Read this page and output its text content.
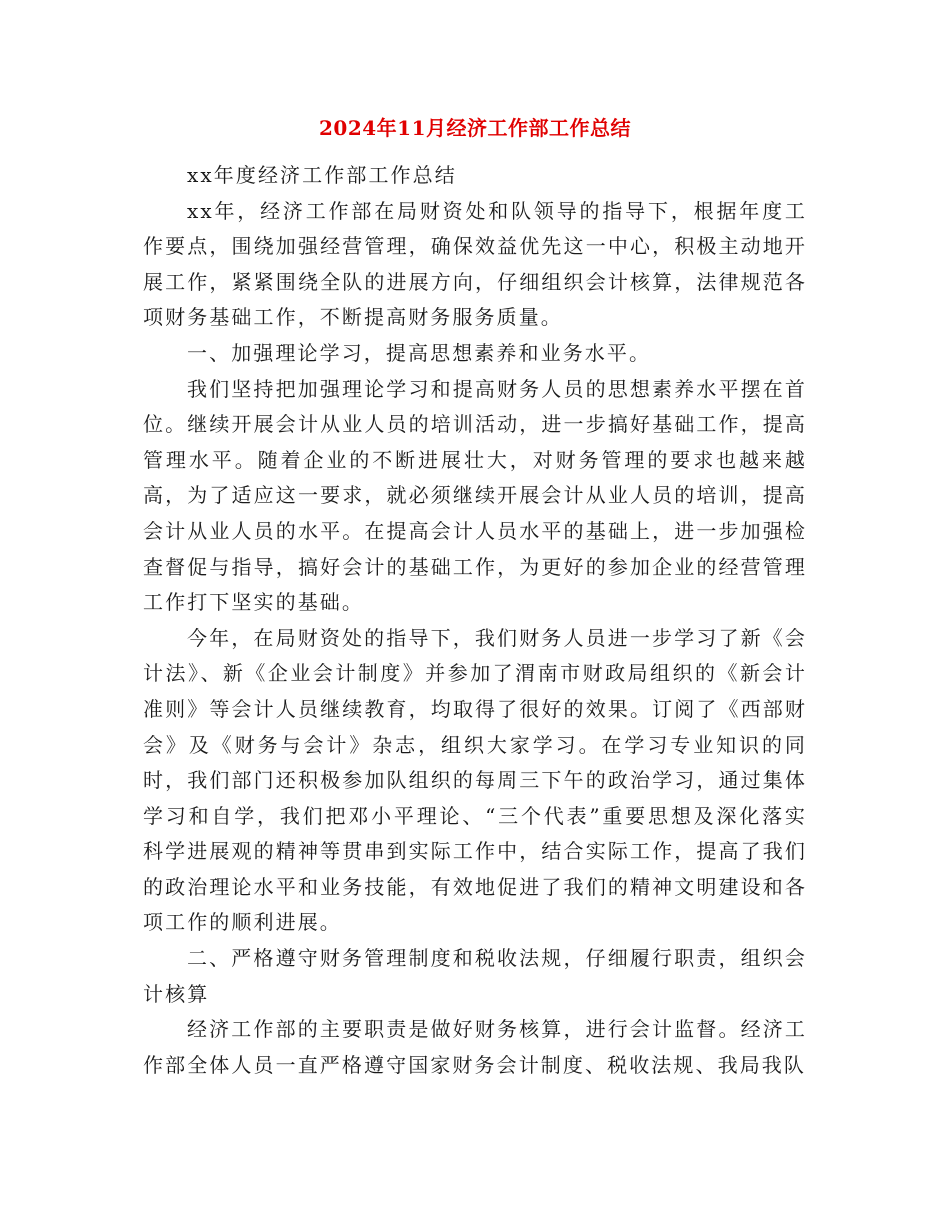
2024年11月经济工作部工作总结

xx年度经济工作部工作总结

xx年，经济工作部在局财资处和队领导的指导下，根据年度工作要点，围绕加强经营管理，确保效益优先这一中心，积极主动地开展工作，紧紧围绕全队的进展方向，仔细组织会计核算，法律规范各项财务基础工作，不断提高财务服务质量。

一、加强理论学习，提高思想素养和业务水平。

我们坚持把加强理论学习和提高财务人员的思想素养水平摆在首位。继续开展会计从业人员的培训活动，进一步搞好基础工作，提高管理水平。随着企业的不断进展壮大，对财务管理的要求也越来越高，为了适应这一要求，就必须继续开展会计从业人员的培训，提高会计从业人员的水平。在提高会计人员水平的基础上，进一步加强检查督促与指导，搞好会计的基础工作，为更好的参加企业的经营管理工作打下坚实的基础。

今年，在局财资处的指导下，我们财务人员进一步学习了新《会计法》、新《企业会计制度》并参加了渭南市财政局组织的《新会计准则》等会计人员继续教育，均取得了很好的效果。订阅了《西部财会》及《财务与会计》杂志，组织大家学习。在学习专业知识的同时，我们部门还积极参加队组织的每周三下午的政治学习，通过集体学习和自学，我们把邓小平理论、“三个代表”重要思想及深化落实科学进展观的精神等贯串到实际工作中，结合实际工作，提高了我们的政治理论水平和业务技能，有效地促进了我们的精神文明建设和各项工作的顺利进展。

二、严格遵守财务管理制度和税收法规，仔细履行职责，组织会计核算

经济工作部的主要职责是做好财务核算，进行会计监督。经济工作部全体人员一直严格遵守国家财务会计制度、税收法规、我局我队
